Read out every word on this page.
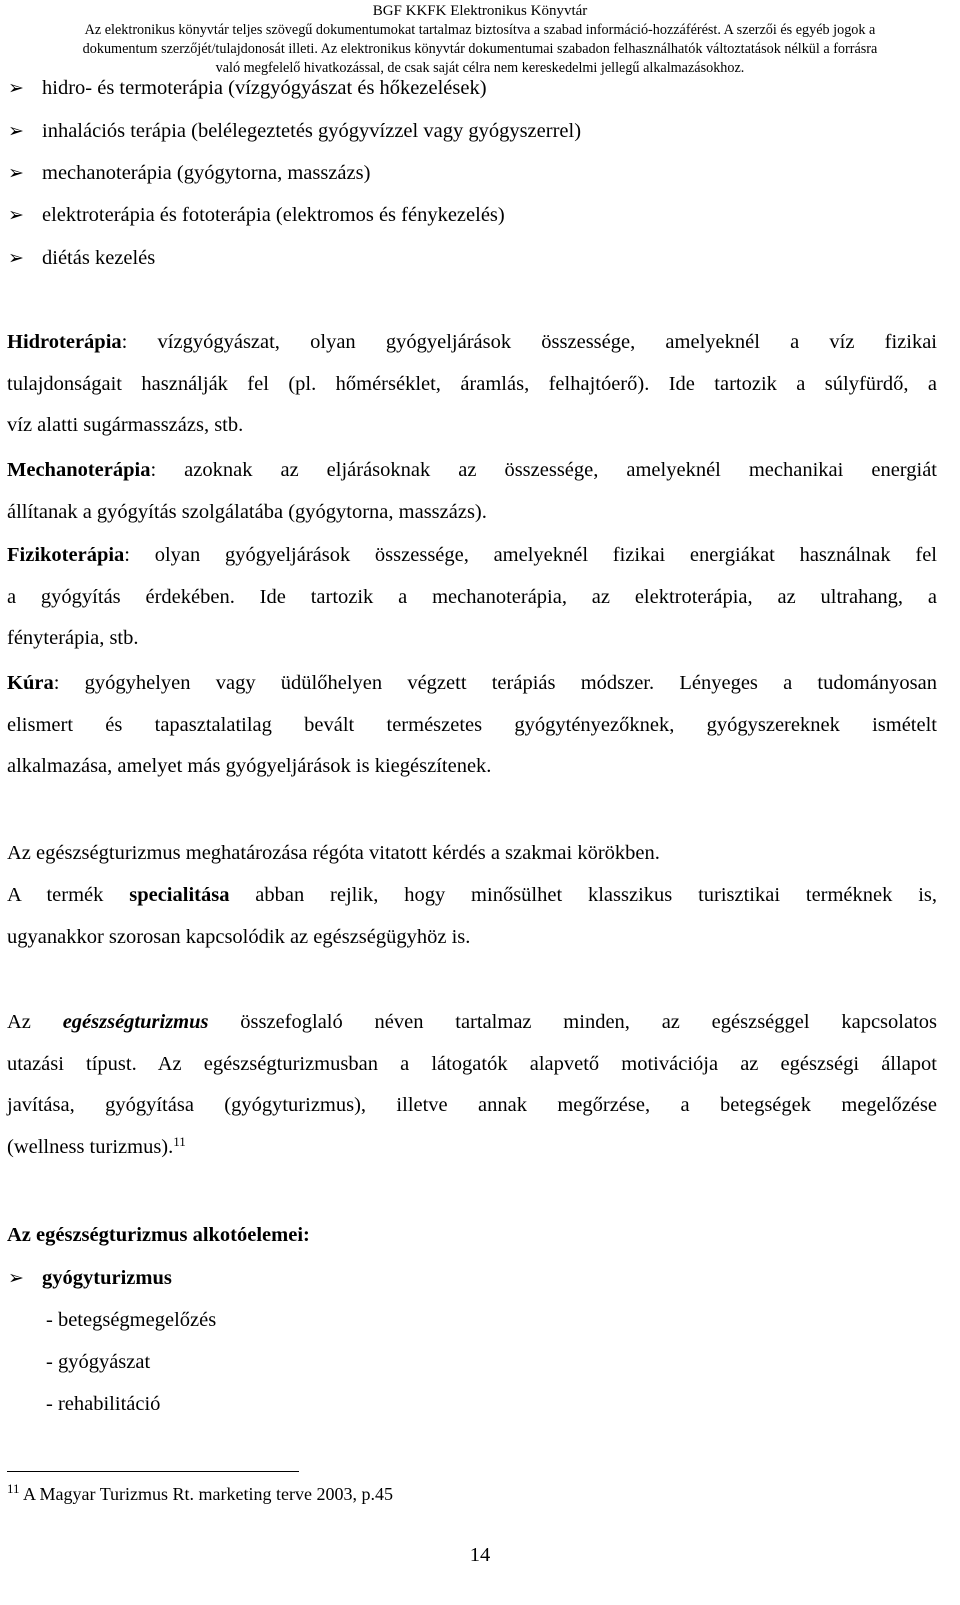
BGF KKFK Elektronikus Könyvtár
Az elektronikus könyvtár teljes szövegű dokumentumokat tartalmaz biztosítva a szabad információ-hozzáférést. A szerzői és egyéb jogok a
dokumentum szerzőjét/tulajdonosát illeti. Az elektronikus könyvtár dokumentumai szabadon felhasználhatók változtatások nélkül a forrásra
való megfelelő hivatkozással, de csak saját célra nem kereskedelmi jellegű alkalmazásokhoz.
➢ hidro- és termoterápia (vízgyógyászat és hőkezelések)
➢ inhalációs terápia (belélegeztetés gyógyvízzel vagy gyógyszerrel)
➢ mechanoterápia (gyógytorna, masszázs)
➢ elektroterápia és fototerápia (elektromos és fénykezelés)
➢ diétás kezelés
Hidroterápia: vízgyógyászat, olyan gyógyeljárások összessége, amelyeknél a víz fizikai
tulajdonságait használják fel (pl. hőmérséklet, áramlás, felhajtóerő). Ide tartozik a súlyfürdő, a
víz alatti sugármasszázs, stb.
Mechanoterápia: azoknak az eljárásoknak az összessége, amelyeknél mechanikai energiát
állítanak a gyógyítás szolgálatába (gyógytorna, masszázs).
Fizikoterápia: olyan gyógyeljárások összessége, amelyeknél fizikai energiákat használnak fel
a gyógyítás érdekében. Ide tartozik a mechanoterápia, az elektroterápia, az ultrahang, a
fényterápia, stb.
Kúra: gyógyhelyen vagy üdülőhelyen végzett terápiás módszer. Lényeges a tudományosan
elismert és tapasztalatilag bevált természetes gyógytényezőknek, gyógyszereknek ismételt
alkalmazása, amelyet más gyógyeljárások is kiegészítenek.
Az egészségturizmus meghatározása régóta vitatott kérdés a szakmai körökben.
A termék specialitása abban rejlik, hogy minősülhet klasszikus turisztikai terméknek is,
ugyanakkor szorosan kapcsolódik az egészségügyhöz is.
Az egészségturizmus összefoglaló néven tartalmaz minden, az egészséggel kapcsolatos
utazási típust. Az egészségturizmusban a látogatók alapvető motivációja az egészségi állapot
javítása, gyógyítása (gyógyturizmus), illetve annak megőrzése, a betegségek megelőzése
(wellness turizmus).$^{11}$
Az egészségturizmus alkotóelemei:
➢ gyógyturizmus
- betegségmegelőzés
- gyógyászat
- rehabilitáció
$^{11}$ A Magyar Turizmus Rt. marketing terve 2003, p.45
14
